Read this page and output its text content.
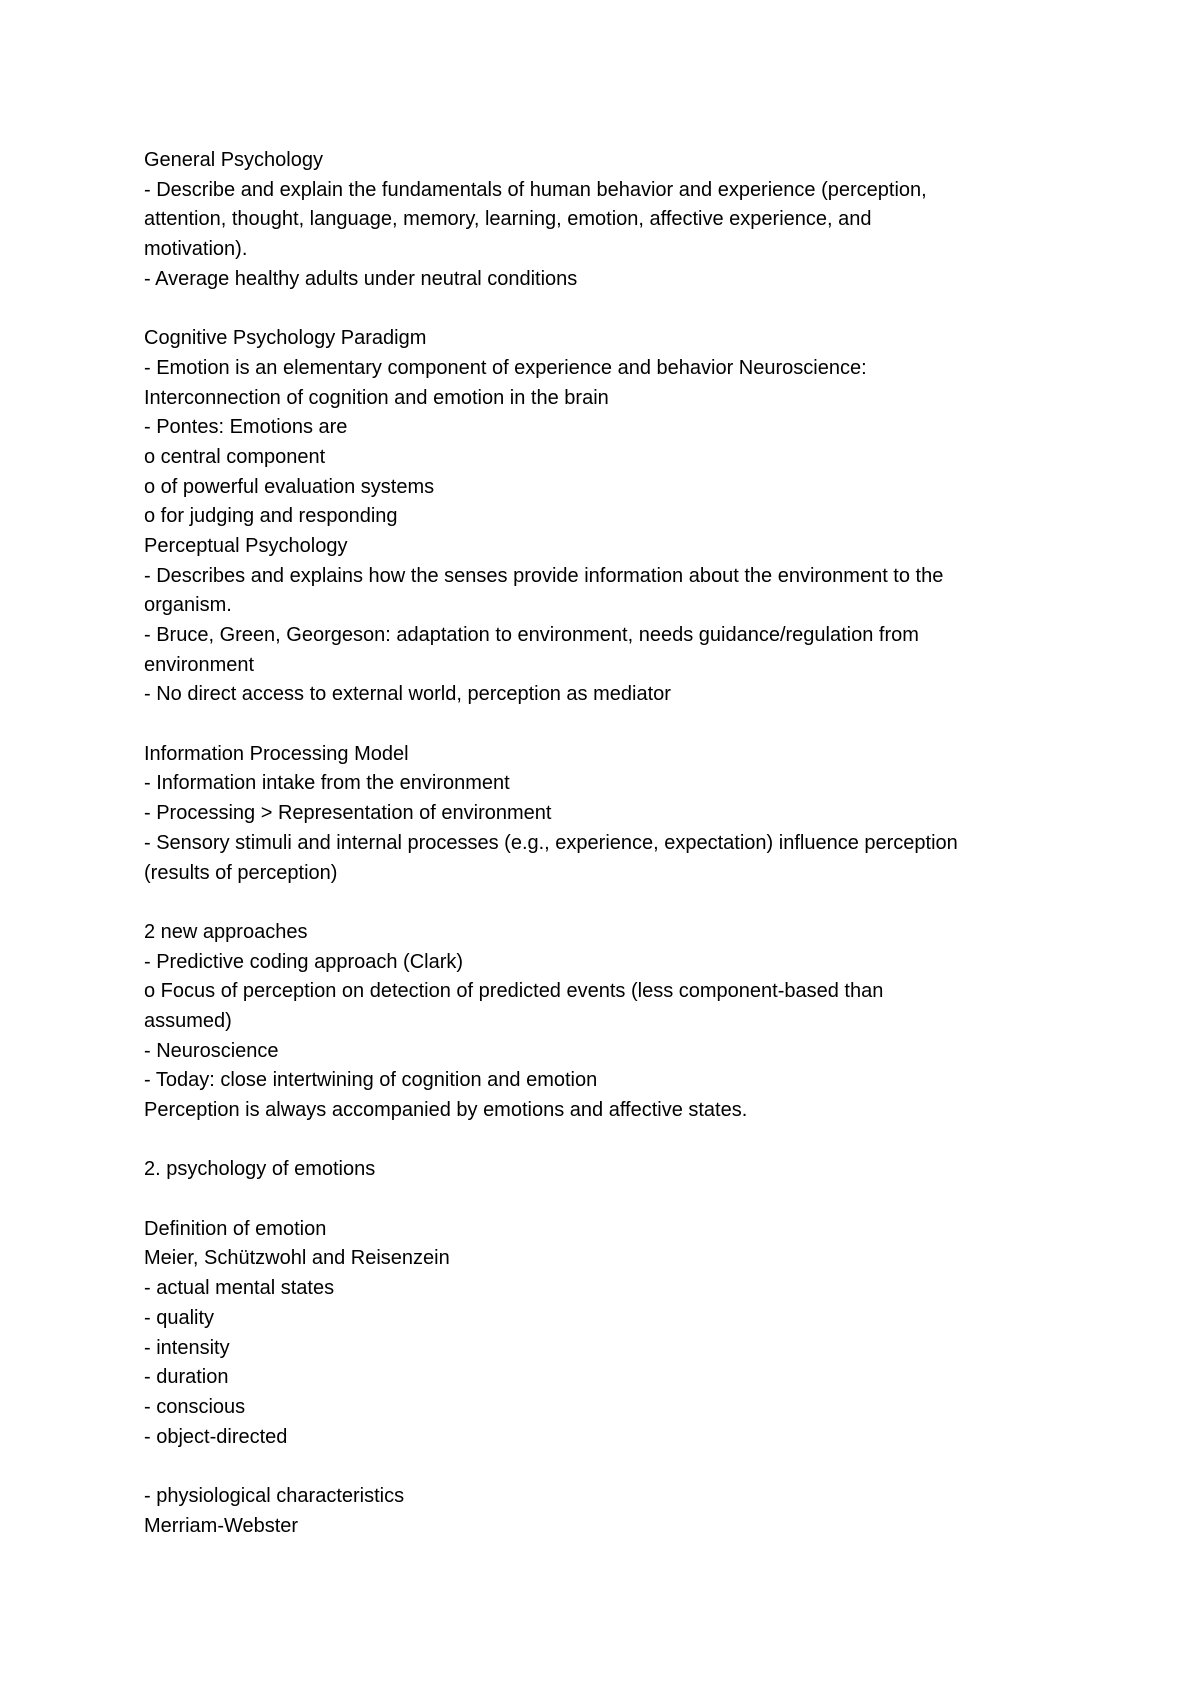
General Psychology
- Describe and explain the fundamentals of human behavior and experience (perception,
attention, thought, language, memory, learning, emotion, affective experience, and
motivation).
- Average healthy adults under neutral conditions
Cognitive Psychology Paradigm
- Emotion is an elementary component of experience and behavior Neuroscience:
Interconnection of cognition and emotion in the brain
- Pontes: Emotions are
o central component
o of powerful evaluation systems
o for judging and responding
Perceptual Psychology
- Describes and explains how the senses provide information about the environment to the
organism.
- Bruce, Green, Georgeson: adaptation to environment, needs guidance/regulation from
environment
- No direct access to external world, perception as mediator
Information Processing Model
- Information intake from the environment
- Processing > Representation of environment
- Sensory stimuli and internal processes (e.g., experience, expectation) influence perception
(results of perception)
2 new approaches
- Predictive coding approach (Clark)
o Focus of perception on detection of predicted events (less component-based than
assumed)
- Neuroscience
- Today: close intertwining of cognition and emotion
Perception is always accompanied by emotions and affective states.
2. psychology of emotions
Definition of emotion
Meier, Schützwohl and Reisenzein
- actual mental states
- quality
- intensity
- duration
- conscious
- object-directed
- physiological characteristics
Merriam-Webster
